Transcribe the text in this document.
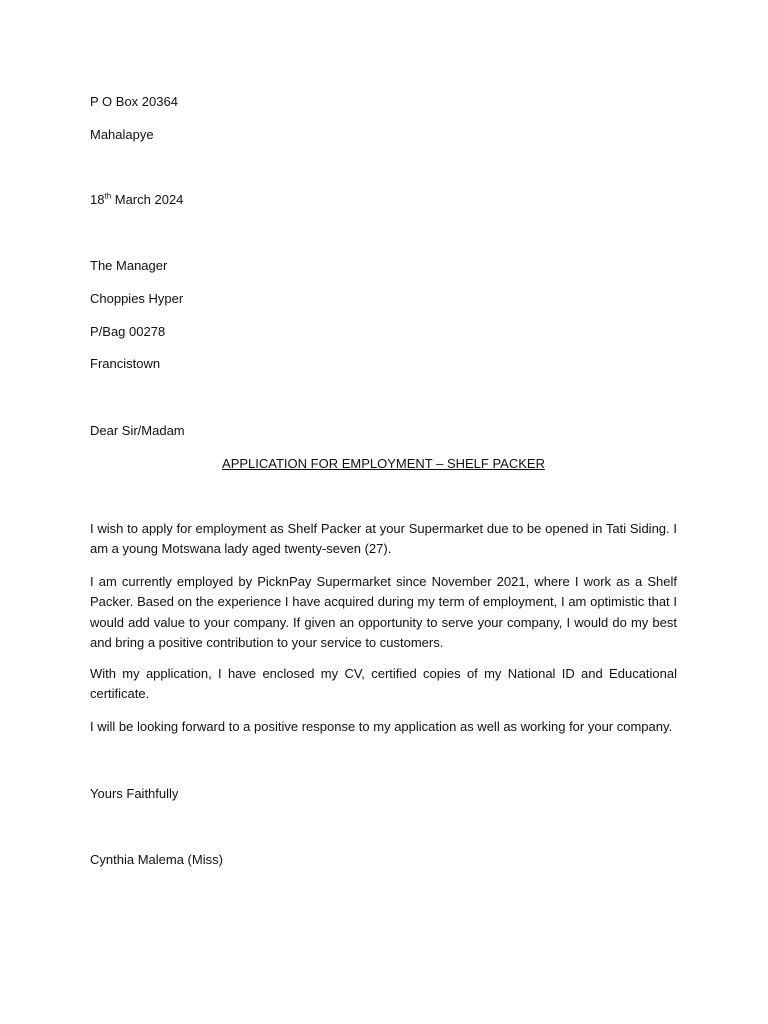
P O Box 20364
Mahalapye
18th March 2024
The Manager
Choppies Hyper
P/Bag 00278
Francistown
Dear Sir/Madam
APPLICATION FOR EMPLOYMENT – SHELF PACKER
I wish to apply for employment as Shelf Packer at your Supermarket due to be opened in Tati Siding. I am a young Motswana lady aged twenty-seven (27).
I am currently employed by PicknPay Supermarket since November 2021, where I work as a Shelf Packer. Based on the experience I have acquired during my term of employment, I am optimistic that I would add value to your company. If given an opportunity to serve your company, I would do my best and bring a positive contribution to your service to customers.
With my application, I have enclosed my CV, certified copies of my National ID and Educational certificate.
I will be looking forward to a positive response to my application as well as working for your company.
Yours Faithfully
Cynthia Malema (Miss)
